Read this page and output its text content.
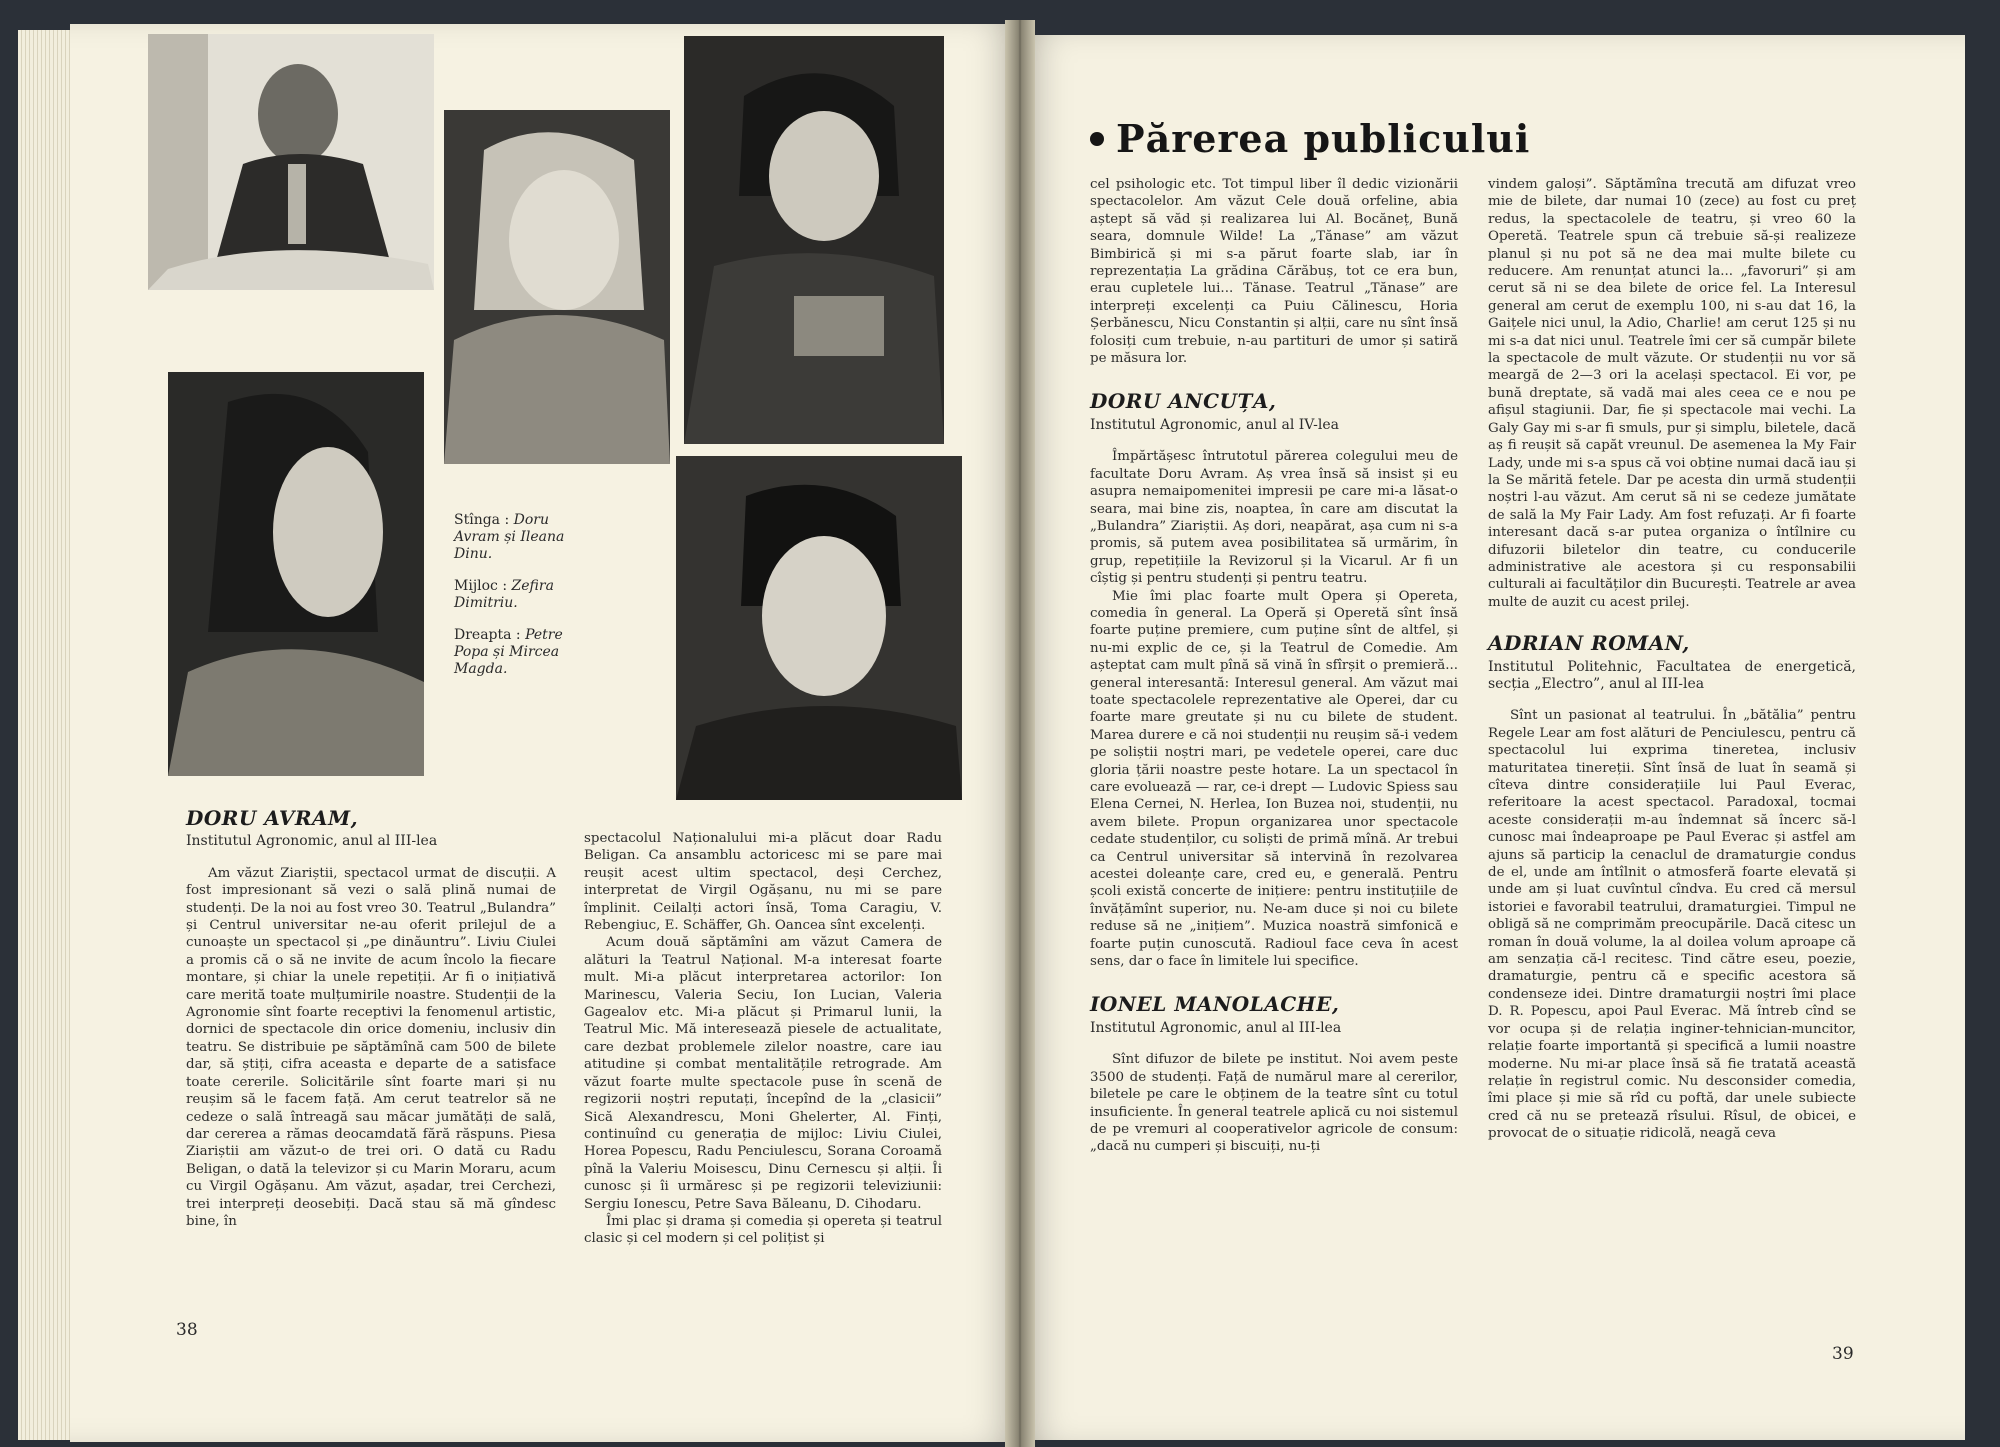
Stînga : Doru Avram și Ileana Dinu.

Mijloc : Zefira Dimitriu.

Dreapta : Petre Popa și Mircea Magda.

DORU AVRAM,
Institutul Agronomic, anul al III-lea

Am văzut Ziariștii, spectacol urmat de discuții. A fost impresionant să vezi o sală plină numai de studenți. De la noi au fost vreo 30. Teatrul „Bulandra” și Centrul universitar ne-au oferit prilejul de a cunoaște un spectacol și „pe dinăuntru”. Liviu Ciulei a promis că o să ne invite de acum încolo la fiecare montare, și chiar la unele repetiții. Ar fi o inițiativă care merită toate mulțumirile noastre. Studenții de la Agronomie sînt foarte receptivi la fenomenul artistic, dornici de spectacole din orice domeniu, inclusiv din teatru. Se distribuie pe săptămînă cam 500 de bilete dar, să știți, cifra aceasta e departe de a satisface toate cererile. Solicitările sînt foarte mari și nu reușim să le facem față. Am cerut teatrelor să ne cedeze o sală întreagă sau măcar jumătăți de sală, dar cererea a rămas deocamdată fără răspuns. Piesa Ziariștii am văzut-o de trei ori. O dată cu Radu Beligan, o dată la televizor și cu Marin Moraru, acum cu Virgil Ogășanu. Am văzut, așadar, trei Cerchezi, trei interpreți deosebiți. Dacă stau să mă gîndesc bine, în

spectacolul Naționalului mi-a plăcut doar Radu Beligan. Ca ansamblu actoricesc mi se pare mai reușit acest ultim spectacol, deși Cerchez, interpretat de Virgil Ogășanu, nu mi se pare împlinit. Ceilalți actori însă, Toma Caragiu, V. Rebengiuc, E. Schäffer, Gh. Oancea sînt excelenți.

Acum două săptămîni am văzut Camera de alături la Teatrul Național. M-a interesat foarte mult. Mi-a plăcut interpretarea actorilor: Ion Marinescu, Valeria Seciu, Ion Lucian, Valeria Gagealov etc. Mi-a plăcut și Primarul lunii, la Teatrul Mic. Mă interesează piesele de actualitate, care dezbat problemele zilelor noastre, care iau atitudine și combat mentalitățile retrograde. Am văzut foarte multe spectacole puse în scenă de regizorii noștri reputați, începînd de la „clasicii” Sică Alexandrescu, Moni Ghelerter, Al. Finți, continuînd cu generația de mijloc: Liviu Ciulei, Horea Popescu, Radu Penciulescu, Sorana Coroamă pînă la Valeriu Moisescu, Dinu Cernescu și alții. Îi cunosc și îi urmăresc și pe regizorii televiziunii: Sergiu Ionescu, Petre Sava Băleanu, D. Cihodaru.

Îmi plac și drama și comedia și opereta și teatrul clasic și cel modern și cel polițist și

38
Părerea publicului

cel psihologic etc. Tot timpul liber îl dedic vizionării spectacolelor. Am văzut Cele două orfeline, abia aștept să văd și realizarea lui Al. Bocăneț, Bună seara, domnule Wilde! La „Tănase” am văzut Bimbirică și mi s-a părut foarte slab, iar în reprezentația La grădina Cărăbuș, tot ce era bun, erau cupletele lui... Tănase. Teatrul „Tănase” are interpreți excelenți ca Puiu Călinescu, Horia Șerbănescu, Nicu Constantin și alții, care nu sînt însă folosiți cum trebuie, n-au partituri de umor și satiră pe măsura lor.

DORU ANCUȚA,
Institutul Agronomic, anul al IV-lea

Împărtășesc întrutotul părerea colegului meu de facultate Doru Avram. Aș vrea însă să insist și eu asupra nemaipomenitei impresii pe care mi-a lăsat-o seara, mai bine zis, noaptea, în care am discutat la „Bulandra” Ziariștii. Aș dori, neapărat, așa cum ni s-a promis, să putem avea posibilitatea să urmărim, în grup, repetițiile la Revizorul și la Vicarul. Ar fi un cîștig și pentru studenți și pentru teatru.

Mie îmi plac foarte mult Opera și Opereta, comedia în general. La Operă și Operetă sînt însă foarte puține premiere, cum puține sînt de altfel, și nu-mi explic de ce, și la Teatrul de Comedie. Am așteptat cam mult pînă să vină în sfîrșit o premieră... general interesantă: Interesul general. Am văzut mai toate spectacolele reprezentative ale Operei, dar cu foarte mare greutate și nu cu bilete de student. Marea durere e că noi studenții nu reușim să-i vedem pe soliștii noștri mari, pe vedetele operei, care duc gloria țării noastre peste hotare. La un spectacol în care evoluează — rar, ce-i drept — Ludovic Spiess sau Elena Cernei, N. Herlea, Ion Buzea noi, studenții, nu avem bilete. Propun organizarea unor spectacole cedate studenților, cu soliști de primă mînă. Ar trebui ca Centrul universitar să intervină în rezolvarea acestei doleanțe care, cred eu, e generală. Pentru școli există concerte de inițiere: pentru instituțiile de învățămînt superior, nu. Ne-am duce și noi cu bilete reduse să ne „inițiem”. Muzica noastră simfonică e foarte puțin cunoscută. Radioul face ceva în acest sens, dar o face în limitele lui specifice.

IONEL MANOLACHE,
Institutul Agronomic, anul al III-lea

Sînt difuzor de bilete pe institut. Noi avem peste 3500 de studenți. Față de numărul mare al cererilor, biletele pe care le obținem de la teatre sînt cu totul insuficiente. În general teatrele aplică cu noi sistemul de pe vremuri al cooperativelor agricole de consum: „dacă nu cumperi și biscuiți, nu-ți

vindem galoși”. Săptămîna trecută am difuzat vreo mie de bilete, dar numai 10 (zece) au fost cu preț redus, la spectacolele de teatru, și vreo 60 la Operetă. Teatrele spun că trebuie să-și realizeze planul și nu pot să ne dea mai multe bilete cu reducere. Am renunțat atunci la... „favoruri” și am cerut să ni se dea bilete de orice fel. La Interesul general am cerut de exemplu 100, ni s-au dat 16, la Gaițele nici unul, la Adio, Charlie! am cerut 125 și nu mi s-a dat nici unul. Teatrele îmi cer să cumpăr bilete la spectacole de mult văzute. Or studenții nu vor să meargă de 2—3 ori la același spectacol. Ei vor, pe bună dreptate, să vadă mai ales ceea ce e nou pe afișul stagiunii. Dar, fie și spectacole mai vechi. La Galy Gay mi s-ar fi smuls, pur și simplu, biletele, dacă aș fi reușit să capăt vreunul. De asemenea la My Fair Lady, unde mi s-a spus că voi obține numai dacă iau și la Se mărită fetele. Dar pe acesta din urmă studenții noștri l-au văzut. Am cerut să ni se cedeze jumătate de sală la My Fair Lady. Am fost refuzați. Ar fi foarte interesant dacă s-ar putea organiza o întîlnire cu difuzorii biletelor din teatre, cu conducerile administrative ale acestora și cu responsabilii culturali ai facultăților din București. Teatrele ar avea multe de auzit cu acest prilej.

ADRIAN ROMAN,
Institutul Politehnic, Facultatea de energetică, secția „Electro”, anul al III-lea

Sînt un pasionat al teatrului. În „bătălia” pentru Regele Lear am fost alături de Penciulescu, pentru că spectacolul lui exprima tineretea, inclusiv maturitatea tinereții. Sînt însă de luat în seamă și cîteva dintre considerațiile lui Paul Everac, referitoare la acest spectacol. Paradoxal, tocmai aceste considerații m-au îndemnat să încerc să-l cunosc mai îndeaproape pe Paul Everac și astfel am ajuns să particip la cenaclul de dramaturgie condus de el, unde am întîlnit o atmosferă foarte elevată și unde am și luat cuvîntul cîndva. Eu cred că mersul istoriei e favorabil teatrului, dramaturgiei. Timpul ne obligă să ne comprimăm preocupările. Dacă citesc un roman în două volume, la al doilea volum aproape că am senzația că-l recitesc. Tind către eseu, poezie, dramaturgie, pentru că e specific acestora să condenseze idei. Dintre dramaturgii noștri îmi place D. R. Popescu, apoi Paul Everac. Mă întreb cînd se vor ocupa și de relația inginer-tehnician-muncitor, relație foarte importantă și specifică a lumii noastre moderne. Nu mi-ar place însă să fie tratată această relație în registrul comic. Nu desconsider comedia, îmi place și mie să rîd cu poftă, dar unele subiecte cred că nu se pretează rîsului. Rîsul, de obicei, e provocat de o situație ridicolă, neagă ceva

39
